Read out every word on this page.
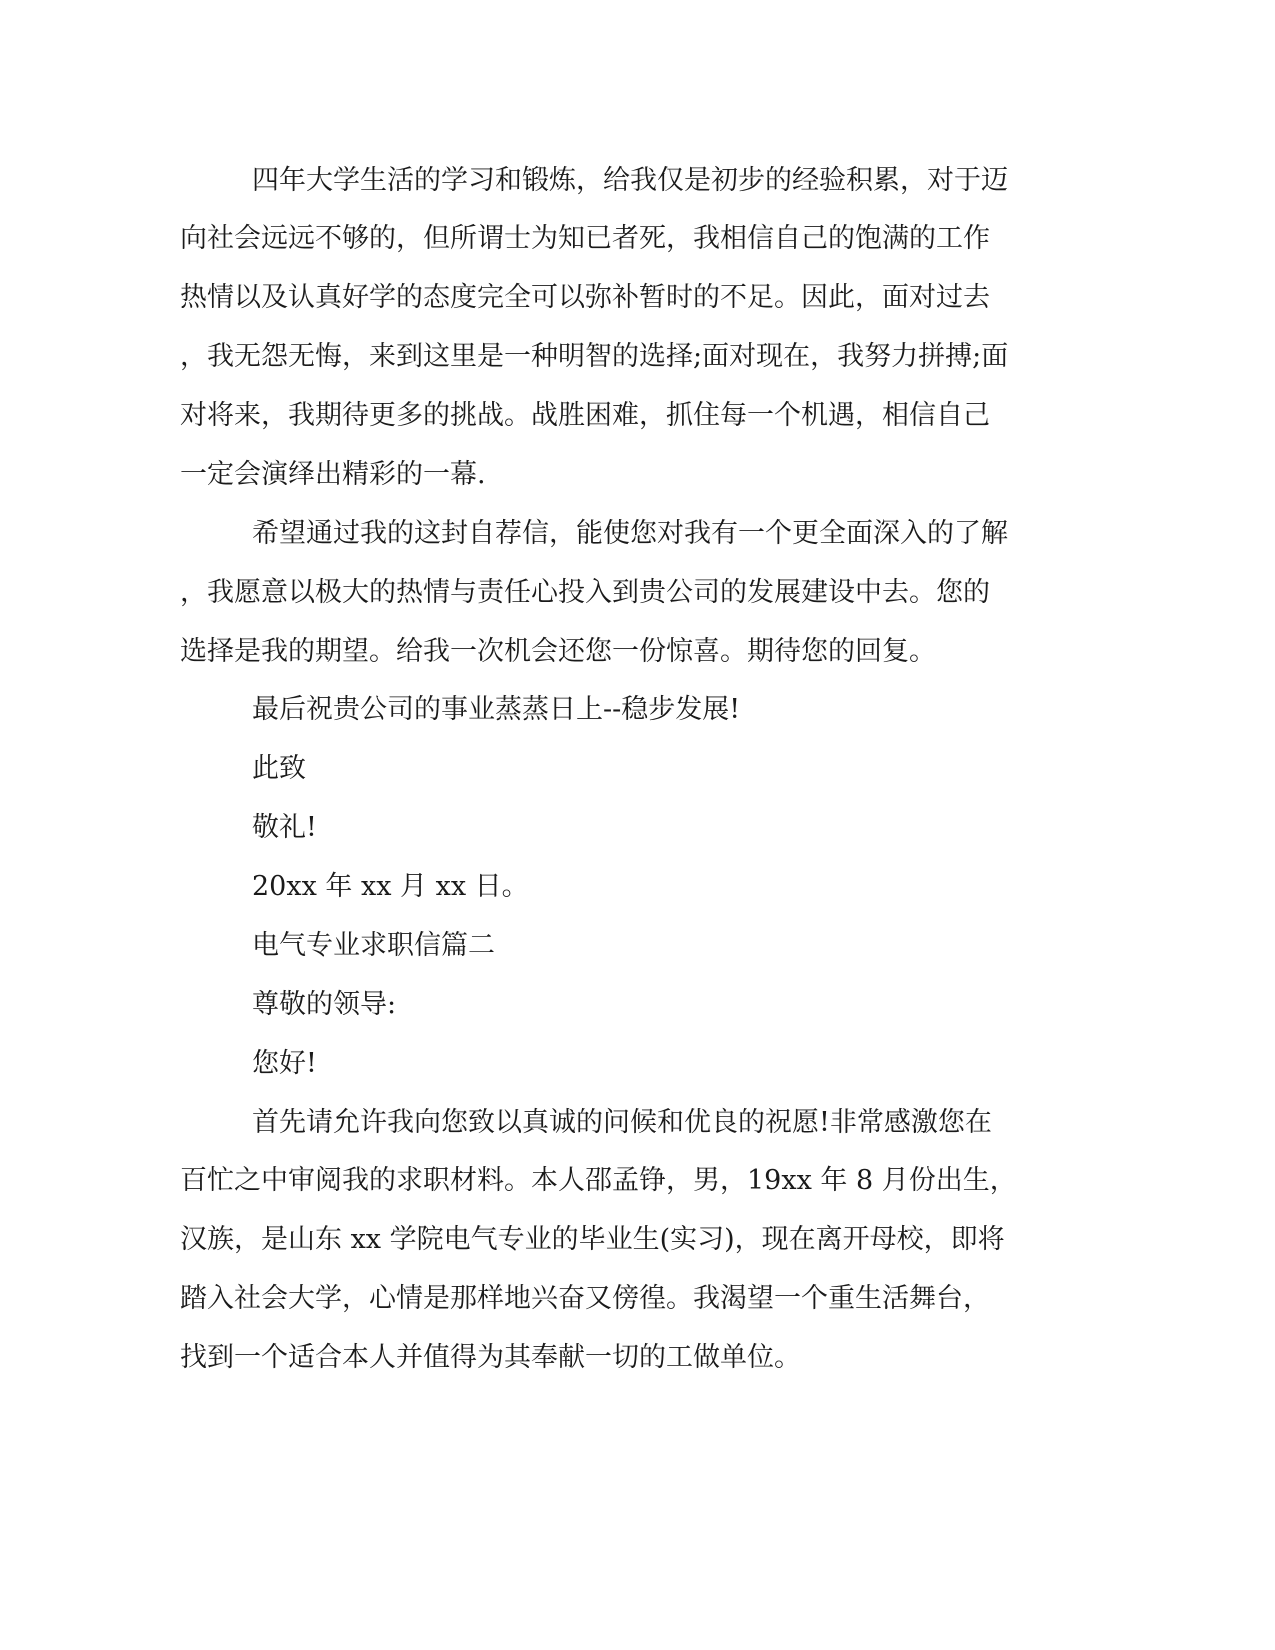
四年大学生活的学习和锻炼，给我仅是初步的经验积累，对于迈
向社会远远不够的，但所谓士为知已者死，我相信自己的饱满的工作
热情以及认真好学的态度完全可以弥补暂时的不足。因此，面对过去
，我无怨无悔，来到这里是一种明智的选择;面对现在，我努力拼搏;面
对将来，我期待更多的挑战。战胜困难，抓住每一个机遇，相信自己
一定会演绎出精彩的一幕.
希望通过我的这封自荐信，能使您对我有一个更全面深入的了解
，我愿意以极大的热情与责任心投入到贵公司的发展建设中去。您的
选择是我的期望。给我一次机会还您一份惊喜。期待您的回复。
最后祝贵公司的事业蒸蒸日上--稳步发展!
此致
敬礼!
20xx 年 xx 月 xx 日。
电气专业求职信篇二
尊敬的领导:
您好!
首先请允许我向您致以真诚的问候和优良的祝愿!非常感激您在
百忙之中审阅我的求职材料。本人邵孟铮，男，19xx 年 8 月份出生，
汉族，是山东 xx 学院电气专业的毕业生(实习)，现在离开母校，即将
踏入社会大学，心情是那样地兴奋又傍徨。我渴望一个重生活舞台，
找到一个适合本人并值得为其奉献一切的工做单位。
